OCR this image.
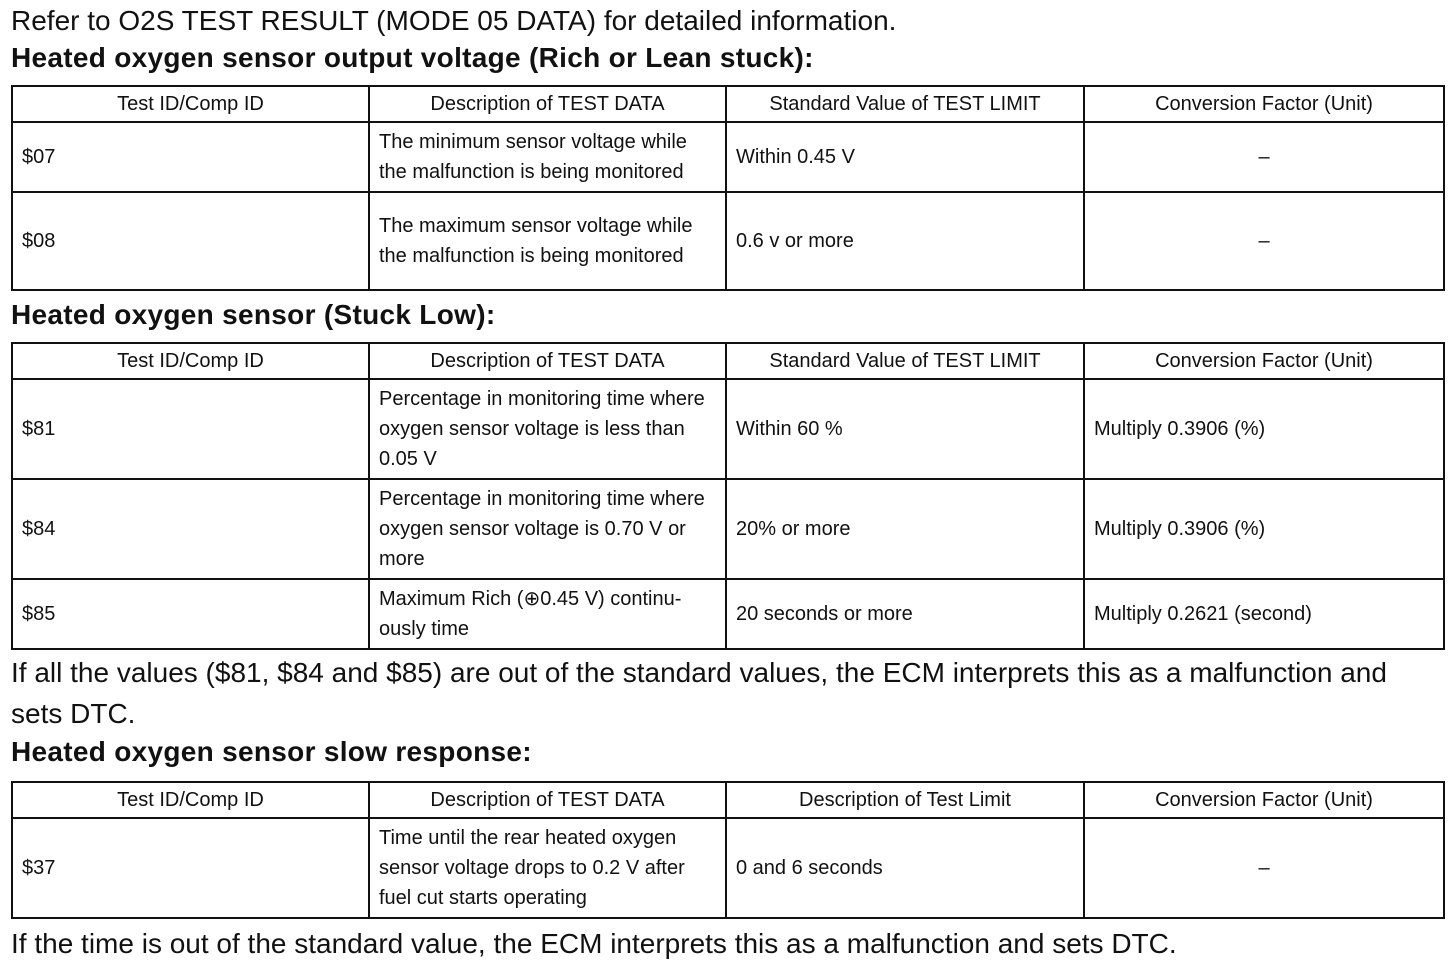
Refer to O2S TEST RESULT (MODE 05 DATA) for detailed information.

Heated oxygen sensor output voltage (Rich or Lean stuck):

Test ID/Comp ID	Description of TEST DATA	Standard Value of TEST LIMIT	Conversion Factor (Unit)
$07	The minimum sensor voltage while the malfunction is being monitored	Within 0.45 V	–
$08	The maximum sensor voltage while the malfunction is being monitored	0.6 v or more	–

Heated oxygen sensor (Stuck Low):

Test ID/Comp ID	Description of TEST DATA	Standard Value of TEST LIMIT	Conversion Factor (Unit)
$81	Percentage in monitoring time where oxygen sensor voltage is less than 0.05 V	Within 60 %	Multiply 0.3906 (%)
$84	Percentage in monitoring time where oxygen sensor voltage is 0.70 V or more	20% or more	Multiply 0.3906 (%)
$85	Maximum Rich (⊕0.45 V) continu-ously time	20 seconds or more	Multiply 0.2621 (second)

If all the values ($81, $84 and $85) are out of the standard values, the ECM interprets this as a malfunction and sets DTC.

Heated oxygen sensor slow response:

Test ID/Comp ID	Description of TEST DATA	Description of Test Limit	Conversion Factor (Unit)
$37	Time until the rear heated oxygen sensor voltage drops to 0.2 V after fuel cut starts operating	0 and 6 seconds	–

If the time is out of the standard value, the ECM interprets this as a malfunction and sets DTC.
